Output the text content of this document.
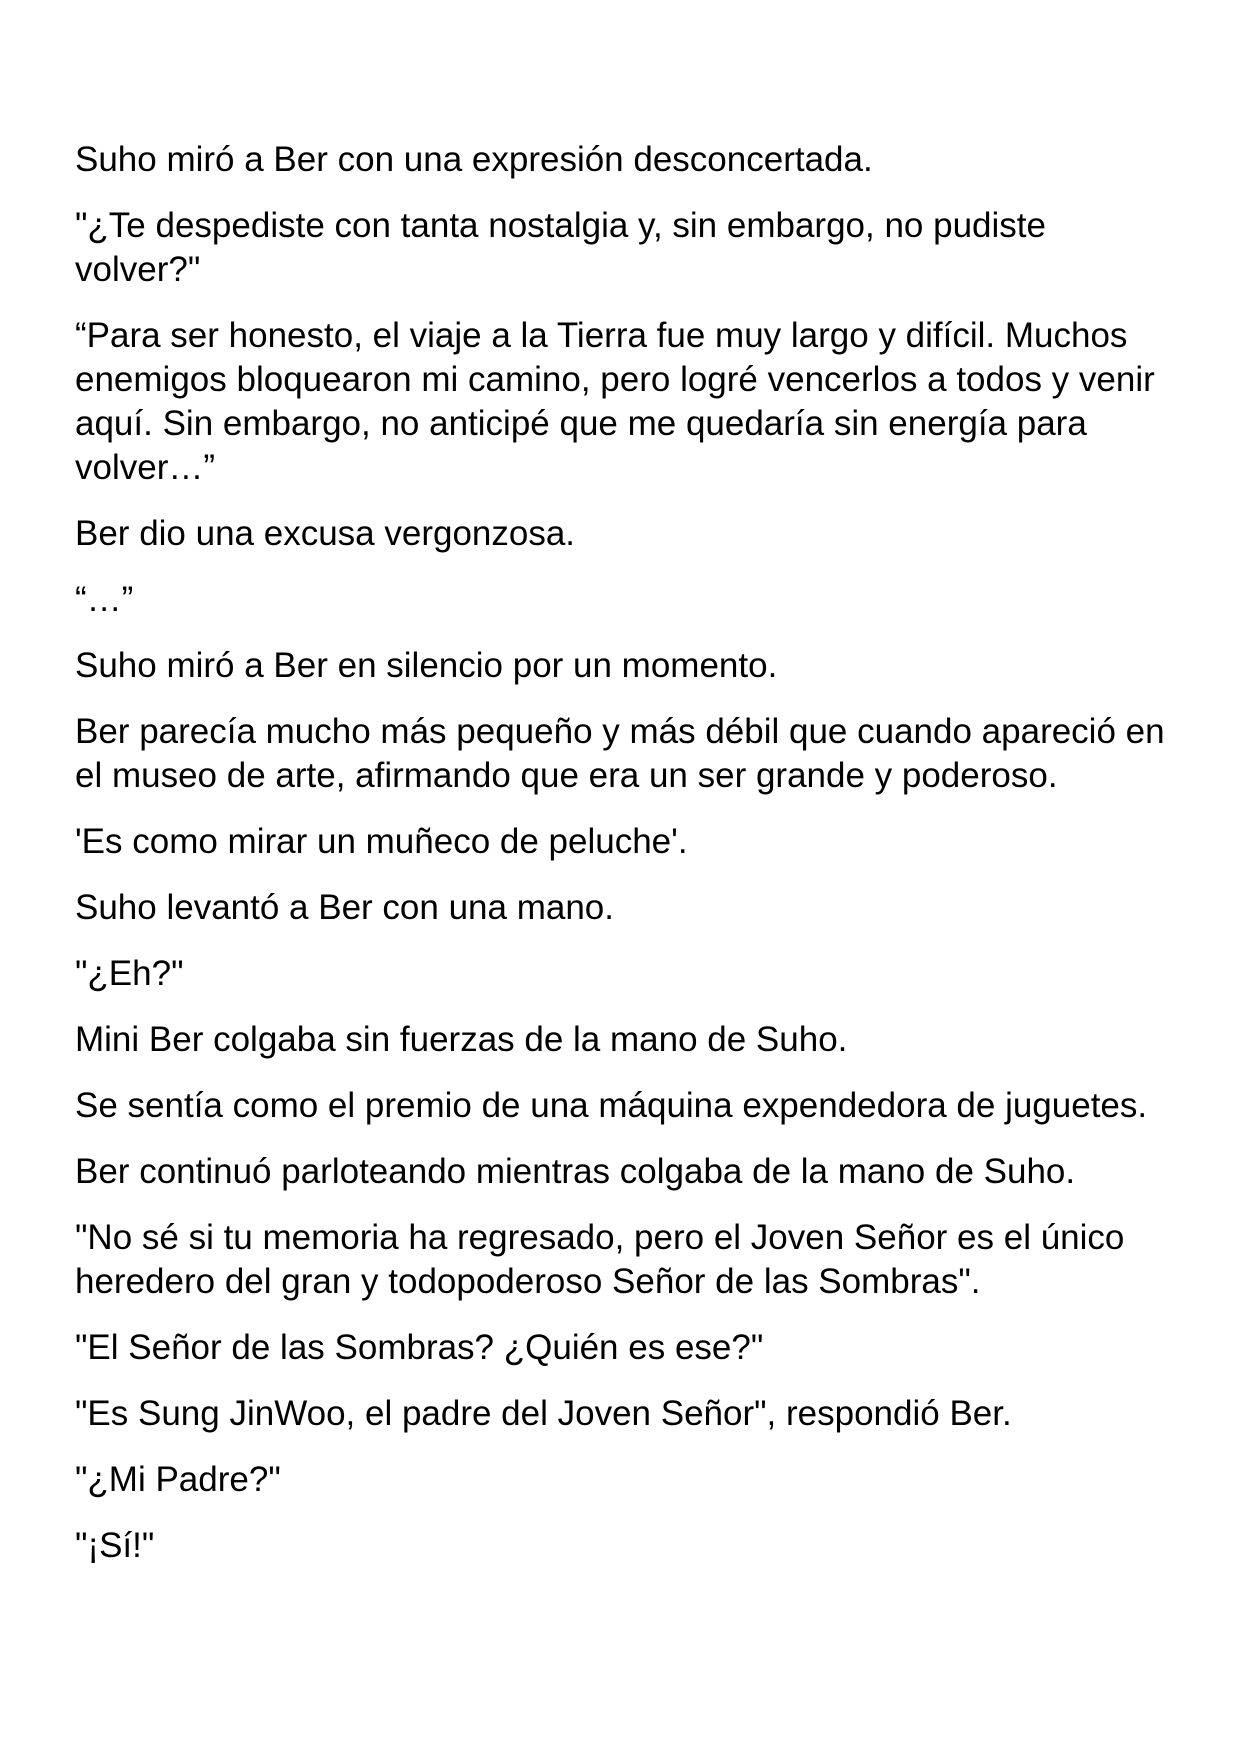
Suho miró a Ber con una expresión desconcertada.

"¿Te despediste con tanta nostalgia y, sin embargo, no pudiste volver?"

“Para ser honesto, el viaje a la Tierra fue muy largo y difícil. Muchos enemigos bloquearon mi camino, pero logré vencerlos a todos y venir aquí. Sin embargo, no anticipé que me quedaría sin energía para volver…”

Ber dio una excusa vergonzosa.

“…”

Suho miró a Ber en silencio por un momento.

Ber parecía mucho más pequeño y más débil que cuando apareció en el museo de arte, afirmando que era un ser grande y poderoso.

'Es como mirar un muñeco de peluche'.

Suho levantó a Ber con una mano.

"¿Eh?"

Mini Ber colgaba sin fuerzas de la mano de Suho.

Se sentía como el premio de una máquina expendedora de juguetes.

Ber continuó parloteando mientras colgaba de la mano de Suho.

"No sé si tu memoria ha regresado, pero el Joven Señor es el único heredero del gran y todopoderoso Señor de las Sombras".

"El Señor de las Sombras? ¿Quién es ese?"

"Es Sung JinWoo, el padre del Joven Señor", respondió Ber.

"¿Mi Padre?"

"¡Sí!"
